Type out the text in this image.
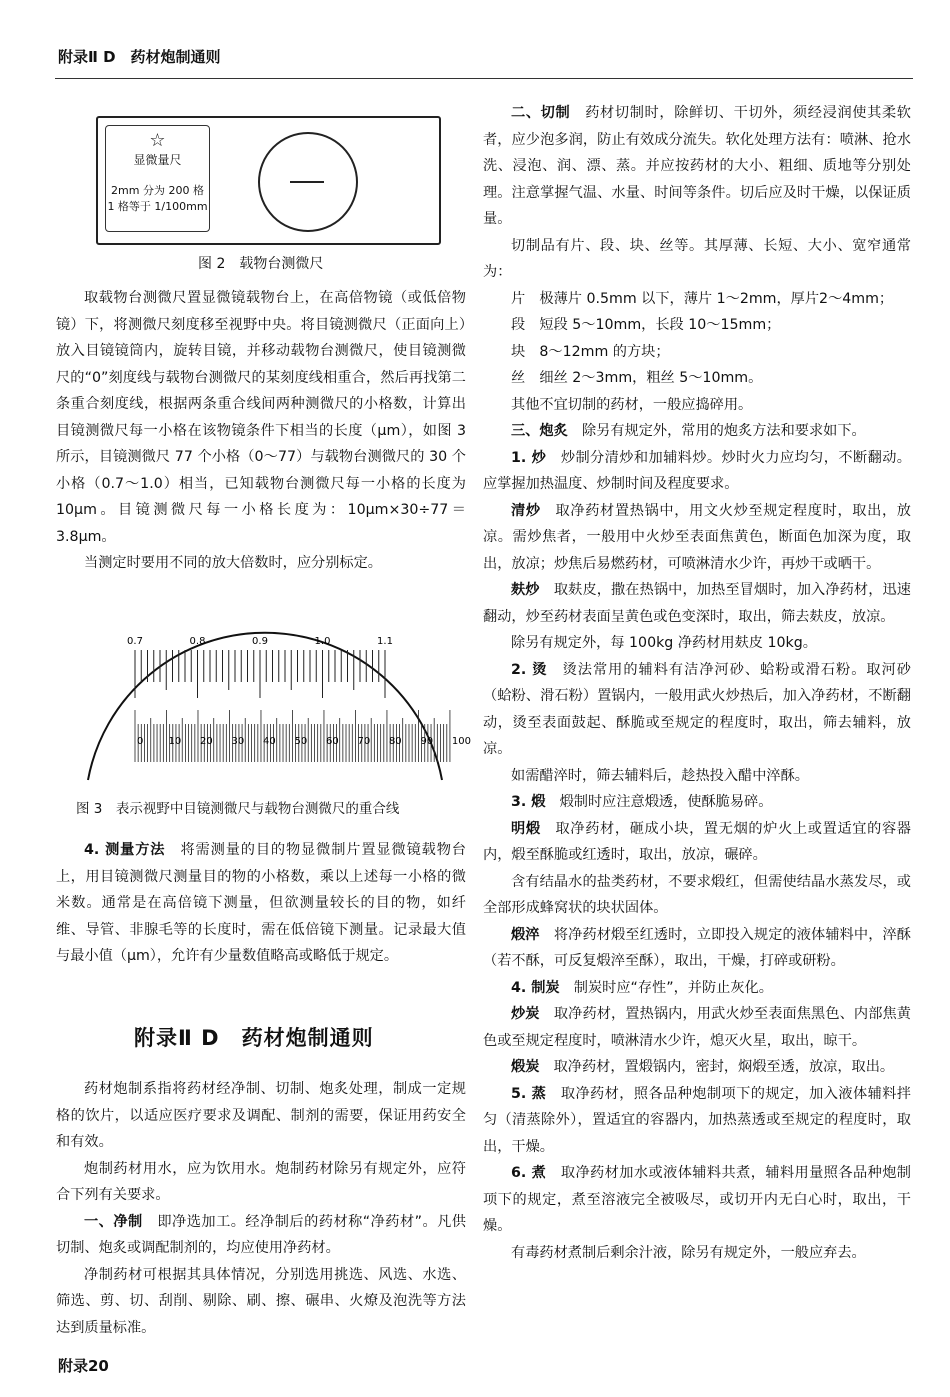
附录Ⅱ D　药材炮制通则
☆
显微量尺
2mm 分为 200 格
1 格等于 1/100mm
图 2　载物台测微尺

取载物台测微尺置显微镜载物台上，在高倍物镜（或低倍物镜）下，将测微尺刻度移至视野中央。将目镜测微尺（正面向上）放入目镜镜筒内，旋转目镜，并移动载物台测微尺，使目镜测微尺的“0”刻度线与载物台测微尺的某刻度线相重合，然后再找第二条重合刻度线，根据两条重合线间两种测微尺的小格数，计算出目镜测微尺每一小格在该物镜条件下相当的长度（μm），如图 3 所示，目镜测微尺 77 个小格（0～77）与载物台测微尺的 30 个小格（0.7～1.0）相当，已知载物台测微尺每一小格的长度为 10μm。目镜测微尺每一小格长度为：10μm×30÷77＝3.8μm。

当测定时要用不同的放大倍数时，应分别标定。

0.7	0.8	0.9	1.0	1.1
0	10 20 30 40 50 60 70 80 90 100
图 3　表示视野中目镜测微尺与载物台测微尺的重合线

4. 测量方法　将需测量的目的物显微制片置显微镜载物台上，用目镜测微尺测量目的物的小格数，乘以上述每一小格的微米数。通常是在高倍镜下测量，但欲测量较长的目的物，如纤维、导管、非腺毛等的长度时，需在低倍镜下测量。记录最大值与最小值（μm），允许有少量数值略高或略低于规定。

附录Ⅱ D　药材炮制通则

药材炮制系指将药材经净制、切制、炮炙处理，制成一定规格的饮片，以适应医疗要求及调配、制剂的需要，保证用药安全和有效。

炮制药材用水，应为饮用水。炮制药材除另有规定外，应符合下列有关要求。

一、净制　即净选加工。经净制后的药材称“净药材”。凡供切制、炮炙或调配制剂的，均应使用净药材。

净制药材可根据其具体情况，分别选用挑选、风选、水选、筛选、剪、切、刮削、剔除、刷、擦、碾串、火燎及泡洗等方法达到质量标准。

二、切制　药材切制时，除鲜切、干切外，须经浸润使其柔软者，应少泡多润，防止有效成分流失。软化处理方法有：喷淋、抢水洗、浸泡、润、漂、蒸。并应按药材的大小、粗细、质地等分别处理。注意掌握气温、水量、时间等条件。切后应及时干燥，以保证质量。

切制品有片、段、块、丝等。其厚薄、长短、大小、宽窄通常为：

片　极薄片 0.5mm 以下，薄片 1～2mm，厚片2～4mm；

段　短段 5～10mm，长段 10～15mm；

块　8～12mm 的方块；

丝　细丝 2～3mm，粗丝 5～10mm。

其他不宜切制的药材，一般应捣碎用。

三、炮炙　除另有规定外，常用的炮炙方法和要求如下。

1. 炒　炒制分清炒和加辅料炒。炒时火力应均匀，不断翻动。应掌握加热温度、炒制时间及程度要求。

清炒　取净药材置热锅中，用文火炒至规定程度时，取出，放凉。需炒焦者，一般用中火炒至表面焦黄色，断面色加深为度，取出，放凉；炒焦后易燃药材，可喷淋清水少许，再炒干或晒干。

麸炒　取麸皮，撒在热锅中，加热至冒烟时，加入净药材，迅速翻动，炒至药材表面呈黄色或色变深时，取出，筛去麸皮，放凉。

除另有规定外，每 100kg 净药材用麸皮 10kg。

2. 烫　烫法常用的辅料有洁净河砂、蛤粉或滑石粉。取河砂（蛤粉、滑石粉）置锅内，一般用武火炒热后，加入净药材，不断翻动，烫至表面鼓起、酥脆或至规定的程度时，取出，筛去辅料，放凉。

如需醋淬时，筛去辅料后，趁热投入醋中淬酥。

3. 煅　煅制时应注意煅透，使酥脆易碎。

明煅　取净药材，砸成小块，置无烟的炉火上或置适宜的容器内，煅至酥脆或红透时，取出，放凉，碾碎。

含有结晶水的盐类药材，不要求煅红，但需使结晶水蒸发尽，或全部形成蜂窝状的块状固体。

煅淬　将净药材煅至红透时，立即投入规定的液体辅料中，淬酥（若不酥，可反复煅淬至酥），取出，干燥，打碎或研粉。

4. 制炭　制炭时应“存性”，并防止灰化。

炒炭　取净药材，置热锅内，用武火炒至表面焦黑色、内部焦黄色或至规定程度时，喷淋清水少许，熄灭火星，取出，晾干。

煅炭　取净药材，置煅锅内，密封，焖煅至透，放凉，取出。

5. 蒸　取净药材，照各品种炮制项下的规定，加入液体辅料拌匀（清蒸除外），置适宜的容器内，加热蒸透或至规定的程度时，取出，干燥。

6. 煮　取净药材加水或液体辅料共煮，辅料用量照各品种炮制项下的规定，煮至溶液完全被吸尽，或切开内无白心时，取出，干燥。

有毒药材煮制后剩余汁液，除另有规定外，一般应弃去。

附录20
